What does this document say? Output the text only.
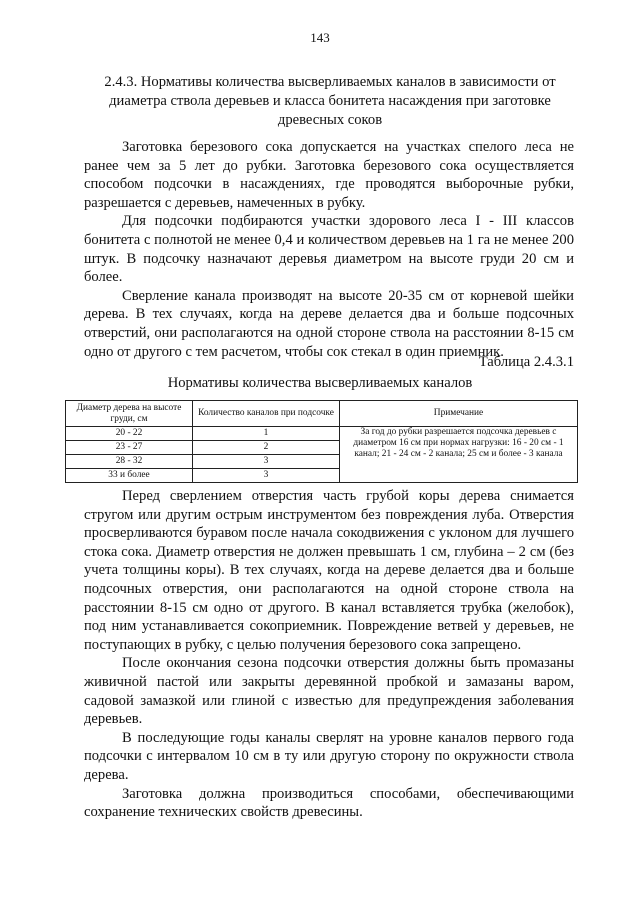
143
2.4.3. Нормативы количества высверливаемых каналов в зависимости от диаметра ствола деревьев и класса бонитета насаждения при заготовке древесных соков

Заготовка березового сока допускается на участках спелого леса не ранее чем за 5 лет до рубки. Заготовка березового сока осуществляется способом подсочки в насаждениях, где проводятся выборочные рубки, разрешается с деревьев, намеченных в рубку.

Для подсочки подбираются участки здорового леса I - III классов бонитета с полнотой не менее 0,4 и количеством деревьев на 1 га не менее 200 штук. В подсочку назначают деревья диаметром на высоте груди 20 см и более.

Сверление канала производят на высоте 20-35 см от корневой шейки дерева. В тех случаях, когда на дереве делается два и больше подсочных отверстий, они располагаются на одной стороне ствола на расстоянии 8-15 см одно от другого с тем расчетом, чтобы сок стекал в один приемник.

Таблица 2.4.3.1
Нормативы количества высверливаемых каналов
Диаметр дерева на высоте груди, см	Количество каналов при подсочке	Примечание
20 - 22	1	За год до рубки разрешается подсочка деревьев с диаметром 16 см при нормах нагрузки: 16 - 20 см - 1 канал; 21 - 24 см - 2 канала; 25 см и более - 3 канала
23 - 27	2	
28 - 32	3	
33 и более	3	

Перед сверлением отверстия часть грубой коры дерева снимается стругом или другим острым инструментом без повреждения луба. Отверстия просверливаются буравом после начала сокодвижения с уклоном для лучшего стока сока. Диаметр отверстия не должен превышать 1 см, глубина – 2 см (без учета толщины коры). В тех случаях, когда на дереве делается два и больше подсочных отверстия, они располагаются на одной стороне ствола на расстоянии 8-15 см одно от другого. В канал вставляется трубка (желобок), под ним устанавливается сокоприемник. Повреждение ветвей у деревьев, не поступающих в рубку, с целью получения березового сока запрещено.

После окончания сезона подсочки отверстия должны быть промазаны живичной пастой или закрыты деревянной пробкой и замазаны варом, садовой замазкой или глиной с известью для предупреждения заболевания деревьев.

В последующие годы каналы сверлят на уровне каналов первого года подсочки с интервалом 10 см в ту или другую сторону по окружности ствола дерева.

Заготовка должна производиться способами, обеспечивающими сохранение технических свойств древесины.
